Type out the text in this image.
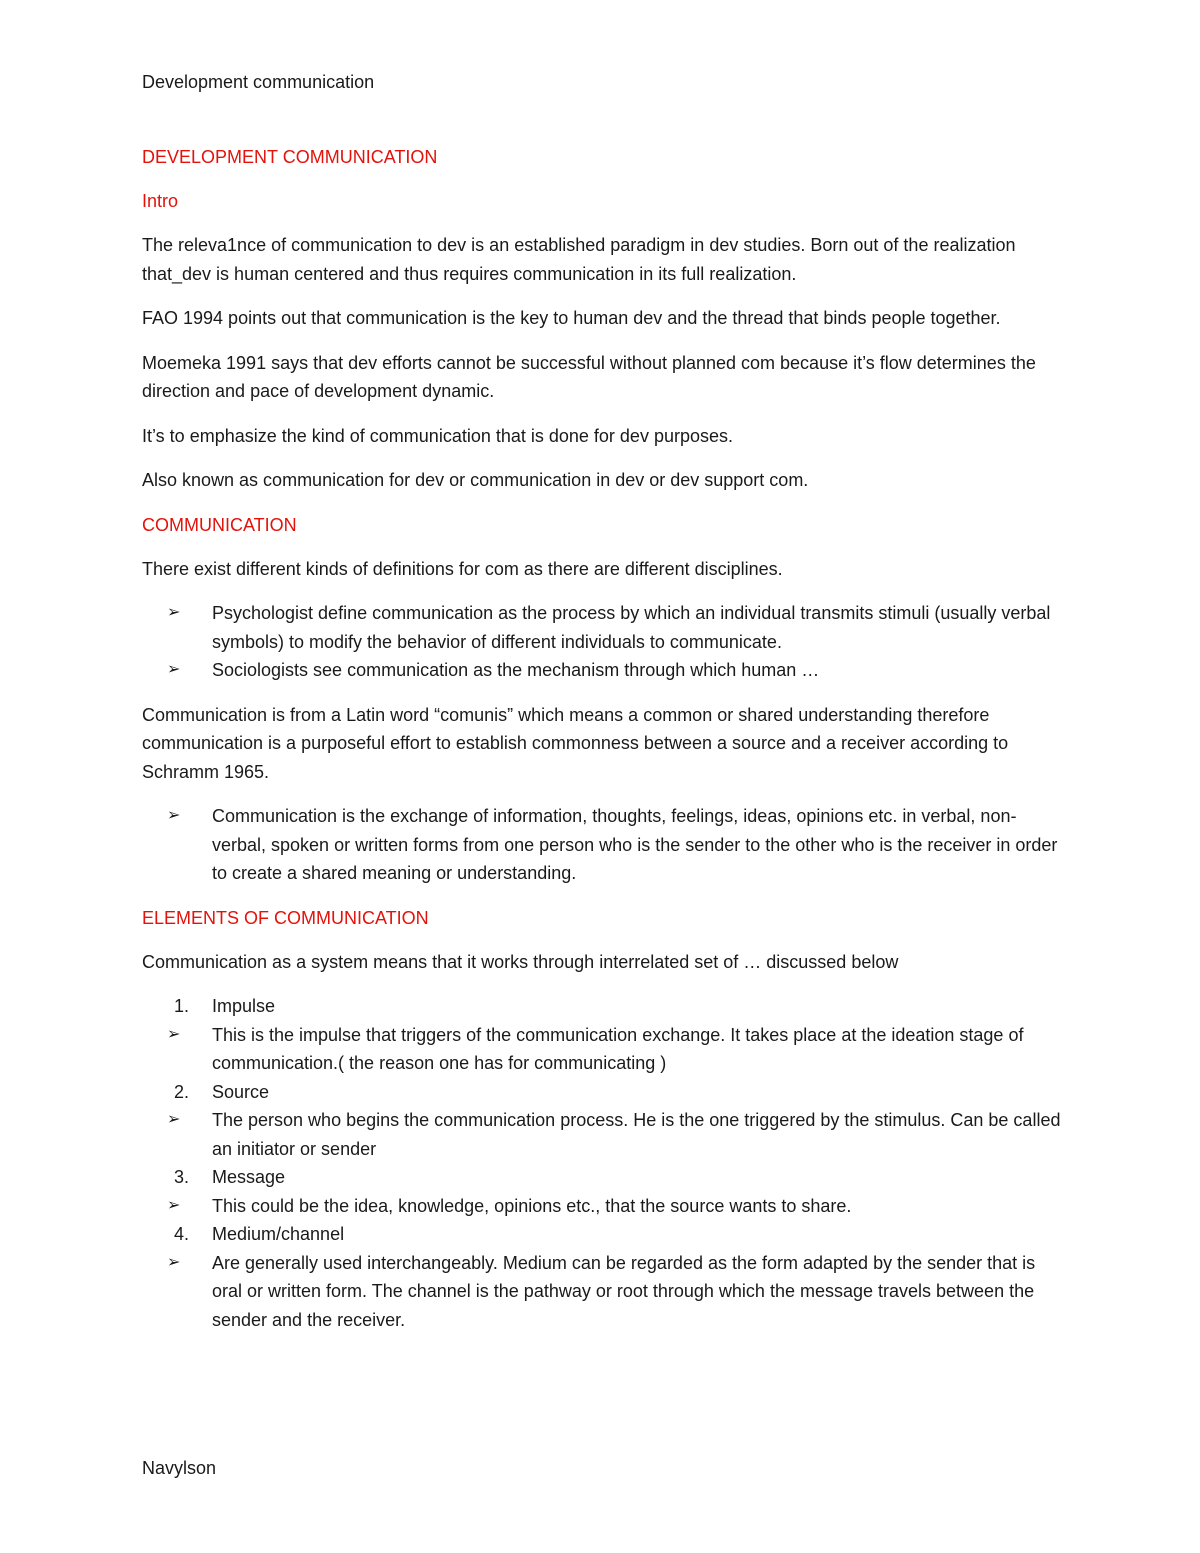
Development communication
DEVELOPMENT COMMUNICATION
Intro

The releva1nce of communication to dev is an established paradigm in dev studies. Born out of the realization that_dev is human centered and thus requires communication in its full realization.

FAO 1994 points out that communication is the key to human dev and the thread that binds people together.

Moemeka 1991 says that dev efforts cannot be successful without planned com because it’s flow determines the direction and pace of development dynamic.

It’s to emphasize the kind of communication that is done for dev purposes.

Also known as communication for dev or communication in dev or dev support com.

COMMUNICATION

There exist different kinds of definitions for com as there are different disciplines.

➢ Psychologist define communication as the process by which an individual transmits stimuli (usually verbal symbols) to modify the behavior of different individuals to communicate.
➢ Sociologists see communication as the mechanism through which human …

Communication is from a Latin word “comunis” which means a common or shared understanding therefore communication is a purposeful effort to establish commonness between a source and a receiver according to Schramm 1965.

➢ Communication is the exchange of information, thoughts, feelings, ideas, opinions etc. in verbal, non-verbal, spoken or written forms from one person who is the sender to the other who is the receiver in order to create a shared meaning or understanding.
ELEMENTS OF COMMUNICATION

Communication as a system means that it works through interrelated set of … discussed below

1. Impulse
➢ This is the impulse that triggers of the communication exchange. It takes place at the ideation stage of communication.( the reason one has for communicating )
2. Source
➢ The person who begins the communication process. He is the one triggered by the stimulus. Can be called an initiator or sender
3. Message
➢ This could be the idea, knowledge, opinions etc., that the source wants to share.
4. Medium/channel
➢ Are generally used interchangeably. Medium can be regarded as the form adapted by the sender that is oral or written form. The channel is the pathway or root through which the message travels between the sender and the receiver.
Navylson
